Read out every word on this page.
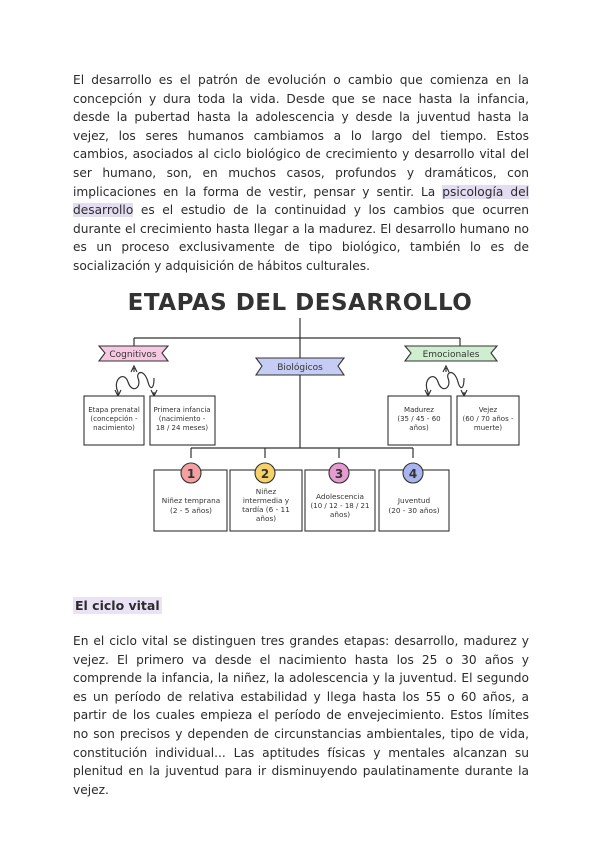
El desarrollo es el patrón de evolución o cambio que comienza en la concepción y dura toda la vida. Desde que se nace hasta la infancia, desde la pubertad hasta la adolescencia y desde la juventud hasta la vejez, los seres humanos cambiamos a lo largo del tiempo. Estos cambios, asociados al ciclo biológico de crecimiento y desarrollo vital del ser humano, son, en muchos casos, profundos y dramáticos, con implicaciones en la forma de vestir, pensar y sentir. La psicología del desarrollo es el estudio de la continuidad y los cambios que ocurren durante el crecimiento hasta llegar a la madurez. El desarrollo humano no es un proceso exclusivamente de tipo biológico, también lo es de socialización y adquisición de hábitos culturales.

ETAPAS DEL DESARROLLO
Cognitivos
Biológicos
Emocionales
Etapa prenatal
(concepción -
nacimiento)
Primera infancia
(nacimiento -
18 / 24 meses)
Madurez
(35 / 45 - 60
años)
Vejez
(60 / 70 años -
muerte)
1
Niñez temprana
(2 - 5 años)
2
Niñez
intermedia y
tardía (6 - 11
años)
3
Adolescencia
(10 / 12 - 18 / 21
años)
4
Juventud
(20 - 30 años)
El ciclo vital

En el ciclo vital se distinguen tres grandes etapas: desarrollo, madurez y vejez. El primero va desde el nacimiento hasta los 25 o 30 años y comprende la infancia, la niñez, la adolescencia y la juventud. El segundo es un período de relativa estabilidad y llega hasta los 55 o 60 años, a partir de los cuales empieza el período de envejecimiento. Estos límites no son precisos y dependen de circunstancias ambientales, tipo de vida, constitución individual... Las aptitudes físicas y mentales alcanzan su plenitud en la juventud para ir disminuyendo paulatinamente durante la vejez.
